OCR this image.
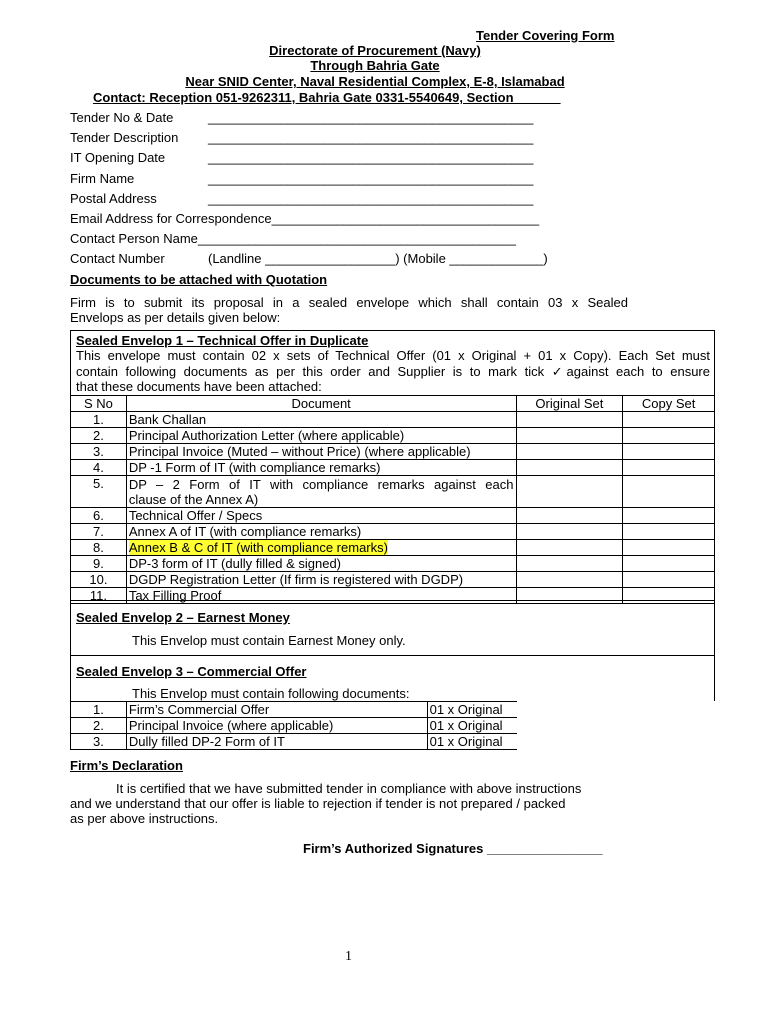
Tender Covering Form
Directorate of Procurement (Navy)
Through Bahria Gate
Near SNID Center, Naval Residential Complex, E-8, Islamabad
Contact: Reception 051-9262311, Bahria Gate 0331-5540649, Section ______
Tender No & Date	_____________________________________________
Tender Description _____________________________________________
IT Opening Date	_____________________________________________
Firm Name	_____________________________________________
Postal Address	_____________________________________________
Email Address for Correspondence_____________________________________
Contact Person Name____________________________________________
Contact Number	(Landline __________________) (Mobile _____________)
Documents to be attached with Quotation
Firm is to submit its proposal in a sealed envelope which shall contain 03 x Sealed
Envelops as per details given below:
Sealed Envelop 1 – Technical Offer in Duplicate
This envelope must contain 02 x sets of Technical Offer (01 x Original + 01 x Copy). Each Set must
contain following documents as per this order and Supplier is to mark tick ✓against each to ensure
that these documents have been attached:
S No	Document	Original Set	Copy Set
1.	Bank Challan		
2.	Principal Authorization Letter (where applicable)		
3.	Principal Invoice (Muted – without Price) (where applicable)		
4.	DP -1 Form of IT (with compliance remarks)		
5.	DP – 2 Form of IT with compliance remarks against each
clause of the Annex A)		

6.	Technical Offer / Specs		
7.	Annex A of IT (with compliance remarks)		
8.	Annex B & C of IT (with compliance remarks)		
9.	DP-3 form of IT (dully filled & signed)		
10.	DGDP Registration Letter (If firm is registered with DGDP)		
11.	Tax Filling Proof		
Sealed Envelop 2 – Earnest Money
This Envelop must contain Earnest Money only.
Sealed Envelop 3 – Commercial Offer
This Envelop must contain following documents:
1.	Firm’s Commercial Offer	01 x Original
2.	Principal Invoice (where applicable)	01 x Original
3.	Dully filled DP-2 Form of IT	01 x Original
Firm’s Declaration
It is certified that we have submitted tender in compliance with above instructions
and we understand that our offer is liable to rejection if tender is not prepared / packed
as per above instructions.
Firm’s Authorized Signatures ________________
1
